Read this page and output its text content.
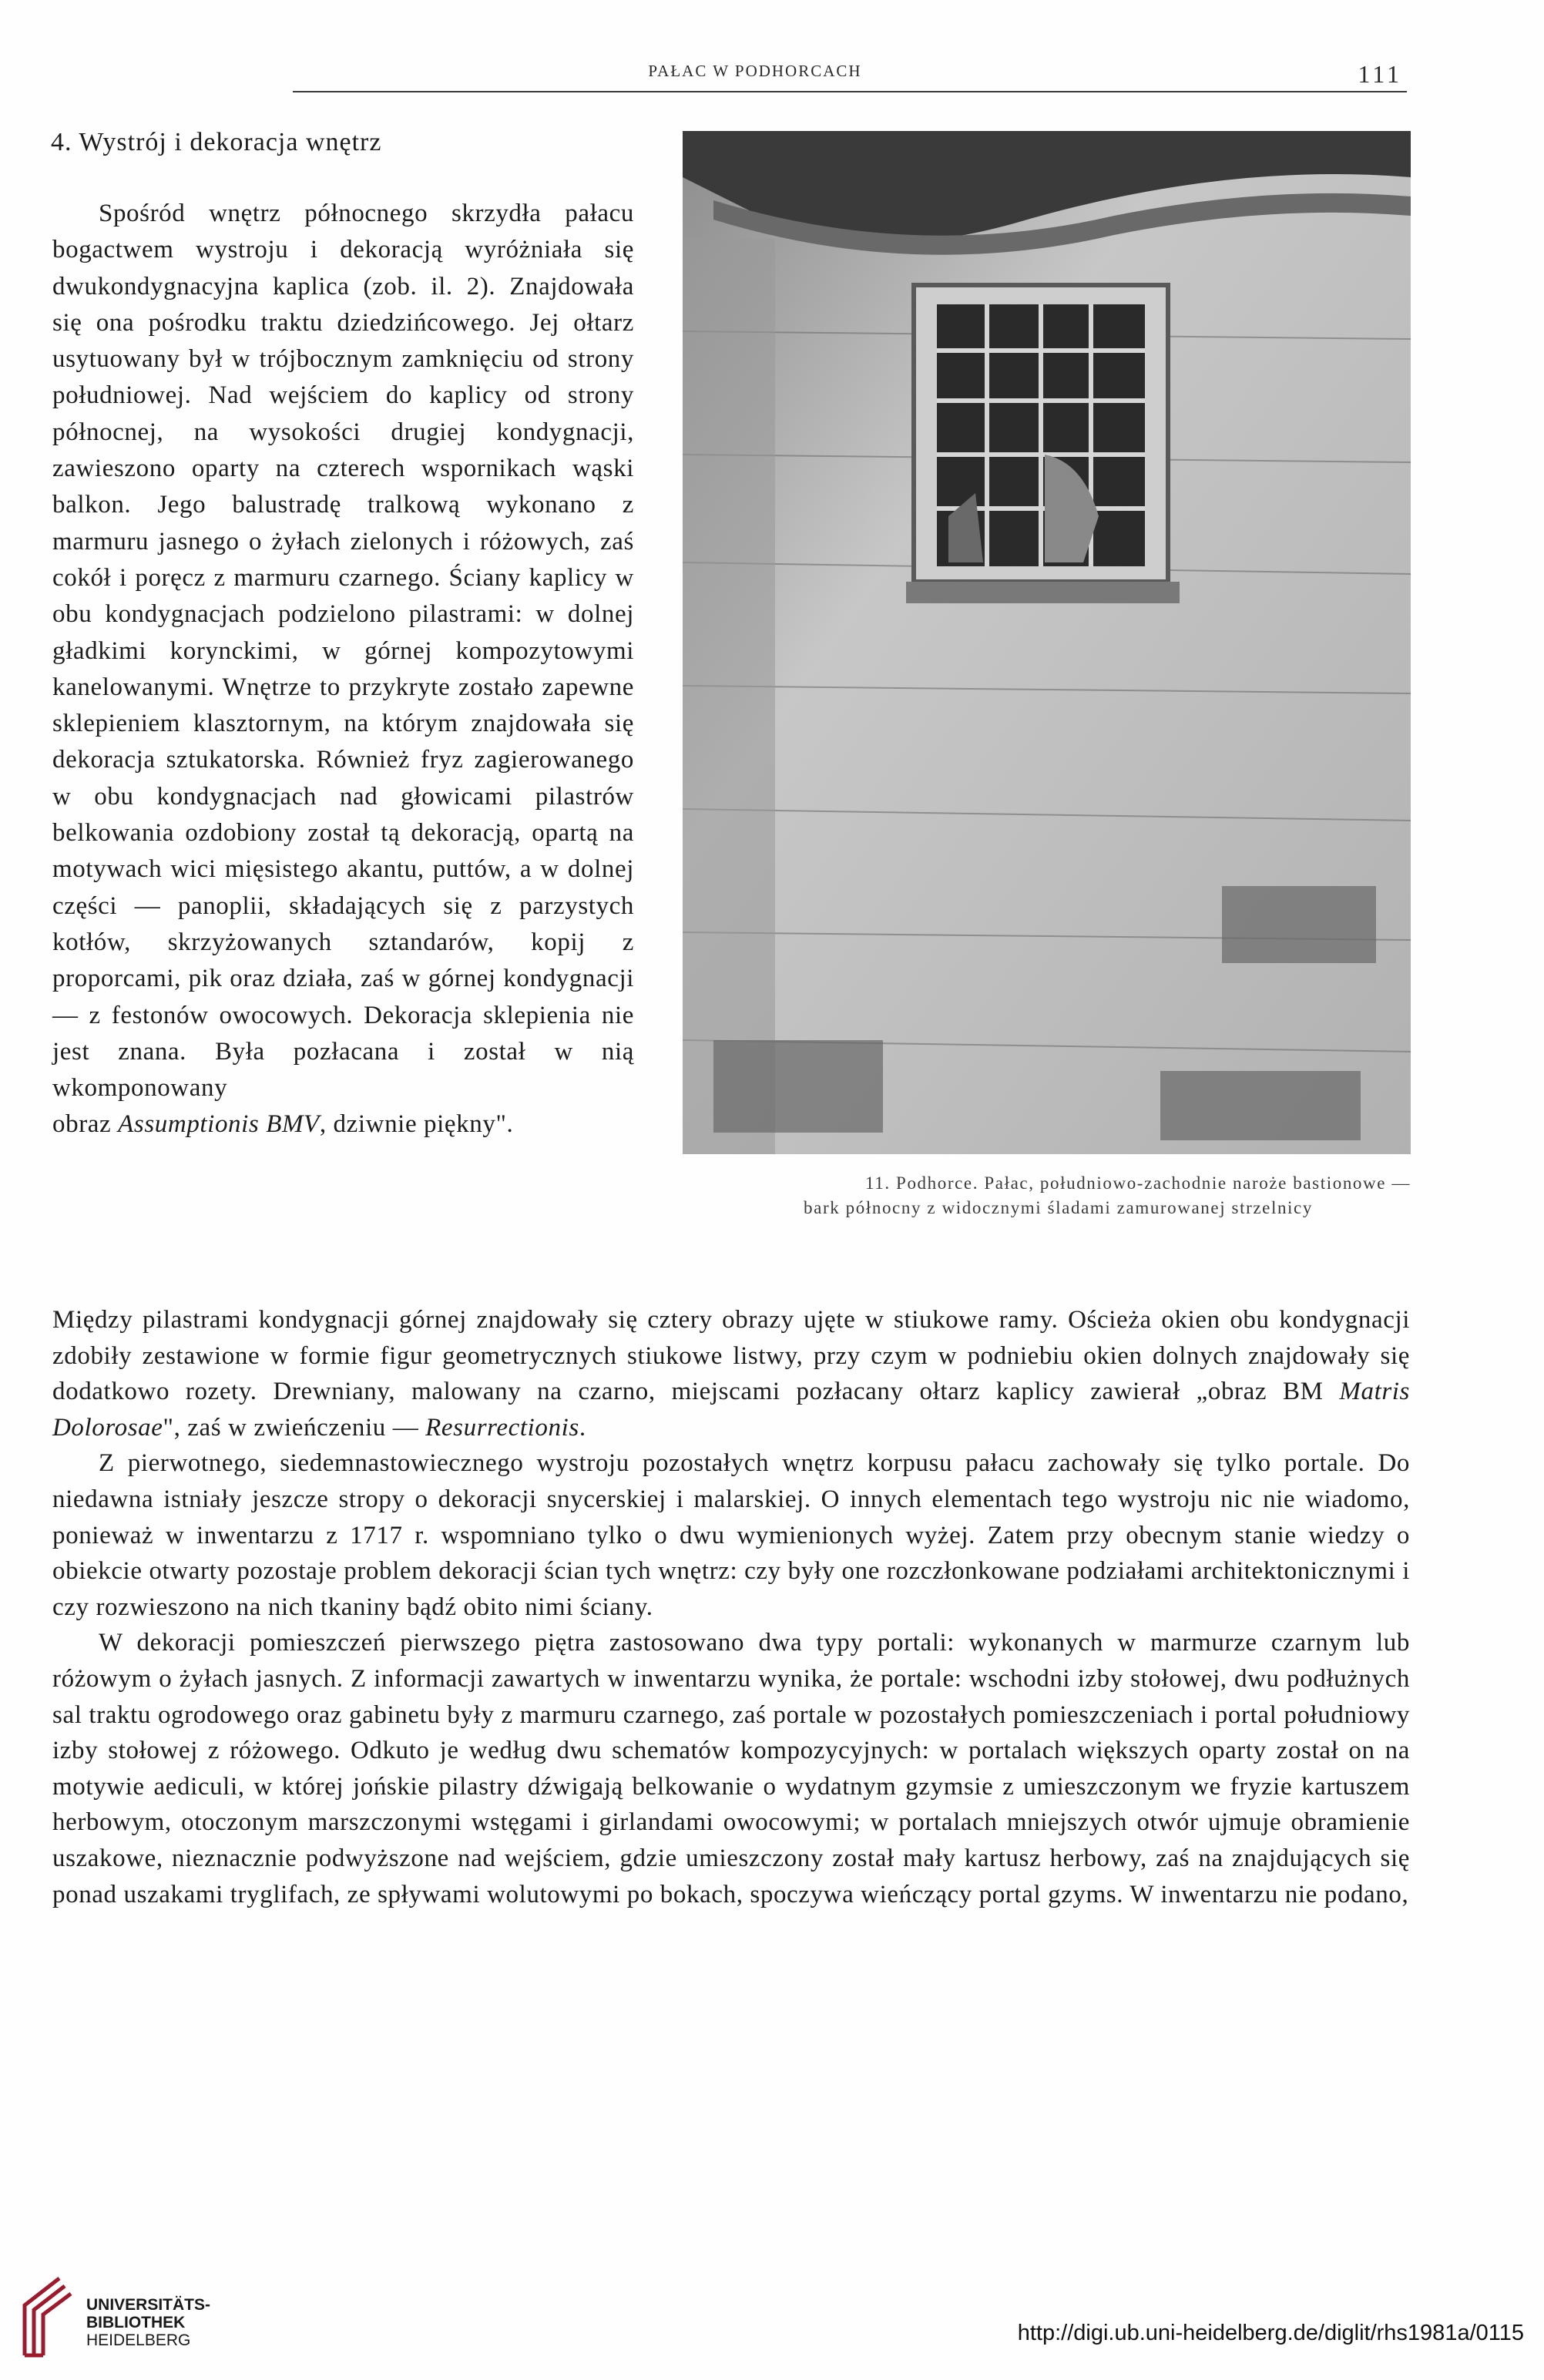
PAŁAC W PODHORCACH	111
4. Wystrój i dekoracja wnętrz

Spośród wnętrz północnego skrzydła pałacu bogactwem wystroju i dekoracją wyróżniała się dwukondygnacyjna kaplica (zob. il. 2). Znajdowała się ona pośrodku traktu dziedzińcowego. Jej ołtarz usytuowany był w trójbocznym zamknięciu od strony południowej. Nad wejściem do kaplicy od strony północnej, na wysokości drugiej kondygnacji, zawieszono oparty na czterech wspornikach wąski balkon. Jego balustradę tralkową wykonano z marmuru jasnego o żyłach zielonych i różowych, zaś cokół i poręcz z marmuru czarnego. Ściany kaplicy w obu kondygnacjach podzielono pilastrami: w dolnej gładkimi korynckimi, w górnej kompozytowymi kanelowanymi. Wnętrze to przykryte zostało zapewne sklepieniem klasztornym, na którym znajdowała się dekoracja sztukatorska. Również fryz zagierowanego w obu kondygnacjach nad głowicami pilastrów belkowania ozdobiony został tą dekoracją, opartą na motywach wici mięsistego akantu, puttów, a w dolnej części — panoplii, składających się z parzystych kotłów, skrzyżowanych sztandarów, kopij z proporcami, pik oraz działa, zaś w górnej kondygnacji — z festonów owocowych. Dekoracja sklepienia nie jest znana. Była pozłacana i został w nią wkomponowany

obraz Assumptionis BMV, dziwnie piękny".
11. Podhorce. Pałac, południowo-zachodnie naroże bastionowe —
bark północny z widocznymi śladami zamurowanej strzelnicy

Między pilastrami kondygnacji górnej znajdowały się cztery obrazy ujęte w stiukowe ramy. Ościeża okien obu kondygnacji zdobiły zestawione w formie figur geometrycznych stiukowe listwy, przy czym w podniebiu okien dolnych znajdowały się dodatkowo rozety. Drewniany, malowany na czarno, miejscami pozłacany ołtarz kaplicy zawierał „obraz BM Matris Dolorosae", zaś w zwieńczeniu — Resurrectionis.

Z pierwotnego, siedemnastowiecznego wystroju pozostałych wnętrz korpusu pałacu zachowały się tylko portale. Do niedawna istniały jeszcze stropy o dekoracji snycerskiej i malarskiej. O innych elementach tego wystroju nic nie wiadomo, ponieważ w inwentarzu z 1717 r. wspomniano tylko o dwu wymienionych wyżej. Zatem przy obecnym stanie wiedzy o obiekcie otwarty pozostaje problem dekoracji ścian tych wnętrz: czy były one rozczłonkowane podziałami architektonicznymi i czy rozwieszono na nich tkaniny bądź obito nimi ściany.

W dekoracji pomieszczeń pierwszego piętra zastosowano dwa typy portali: wykonanych w marmurze czarnym lub różowym o żyłach jasnych. Z informacji zawartych w inwentarzu wynika, że portale: wschodni izby stołowej, dwu podłużnych sal traktu ogrodowego oraz gabinetu były z marmuru czarnego, zaś portale w pozostałych pomieszczeniach i portal południowy izby stołowej z różowego. Odkuto je według dwu schematów kompozycyjnych: w portalach większych oparty został on na motywie aediculi, w której jońskie pilastry dźwigają belkowanie o wydatnym gzymsie z umieszczonym we fryzie kartuszem herbowym, otoczonym marszczonymi wstęgami i girlandami owocowymi; w portalach mniejszych otwór ujmuje obramienie uszakowe, nieznacznie podwyższone nad wejściem, gdzie umieszczony został mały kartusz herbowy, zaś na znajdujących się ponad uszakami tryglifach, ze spływami wolutowymi po bokach, spoczywa wieńczący portal gzyms. W inwentarzu nie podano,

UNIVERSITÄTS-
BIBLIOTHEK
HEIDELBERG	http://digi.ub.uni-heidelberg.de/diglit/rhs1981a/0115
